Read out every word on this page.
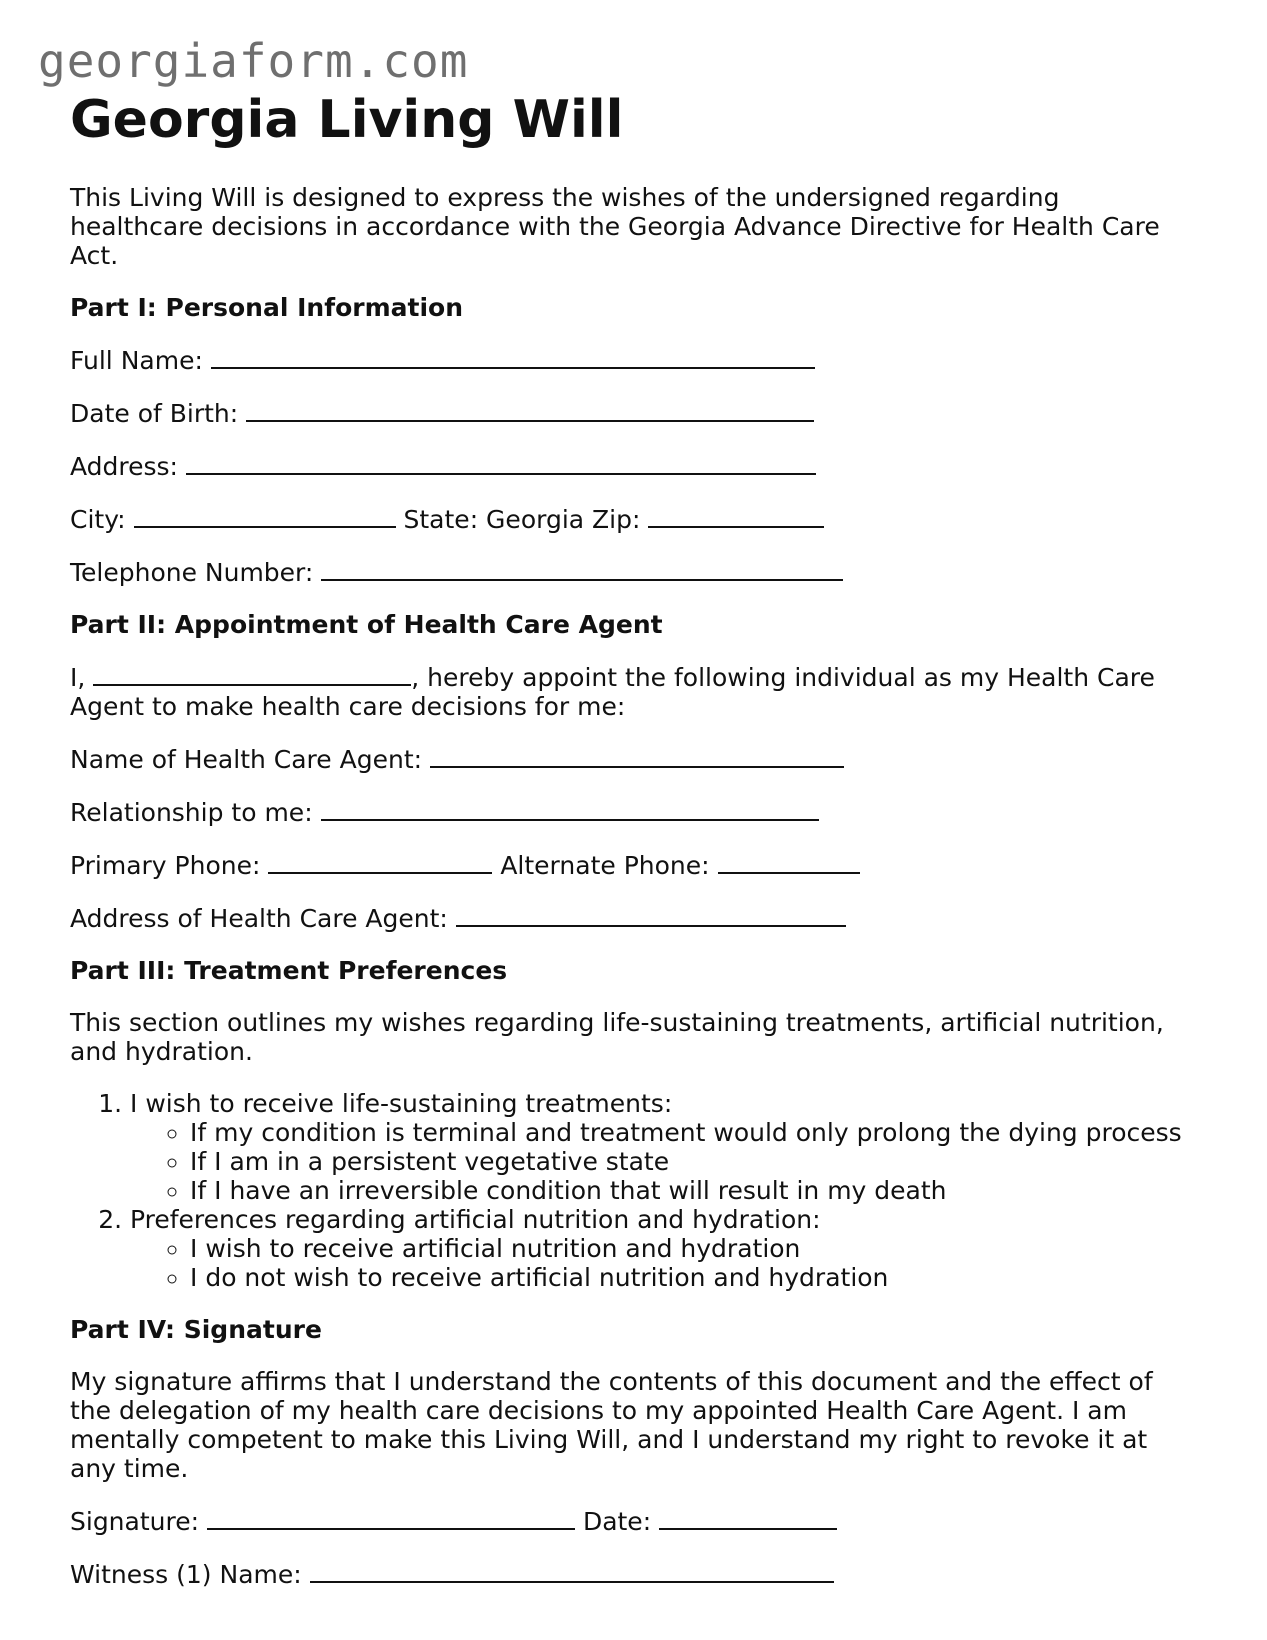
georgiaform.com
Georgia Living Will

This Living Will is designed to express the wishes of the undersigned regarding healthcare decisions in accordance with the Georgia Advance Directive for Health Care Act.

Part I: Personal Information

Full Name:

Date of Birth:

Address:

City:	State: Georgia Zip:

Telephone Number:

Part II: Appointment of Health Care Agent

I,	, hereby appoint the following individual as my Health Care Agent to make health care decisions for me:

Name of Health Care Agent:

Relationship to me:

Primary Phone:	Alternate Phone:

Address of Health Care Agent:

Part III: Treatment Preferences

This section outlines my wishes regarding life-sustaining treatments, artificial nutrition, and hydration.

1. I wish to receive life-sustaining treatments:
◦ If my condition is terminal and treatment would only prolong the dying process
◦ If I am in a persistent vegetative state
◦ If I have an irreversible condition that will result in my death
2. Preferences regarding artificial nutrition and hydration:
◦ I wish to receive artificial nutrition and hydration
◦ I do not wish to receive artificial nutrition and hydration
Part IV: Signature

My signature affirms that I understand the contents of this document and the effect of the delegation of my health care decisions to my appointed Health Care Agent. I am mentally competent to make this Living Will, and I understand my right to revoke it at any time.

Signature:	Date:

Witness (1) Name:
